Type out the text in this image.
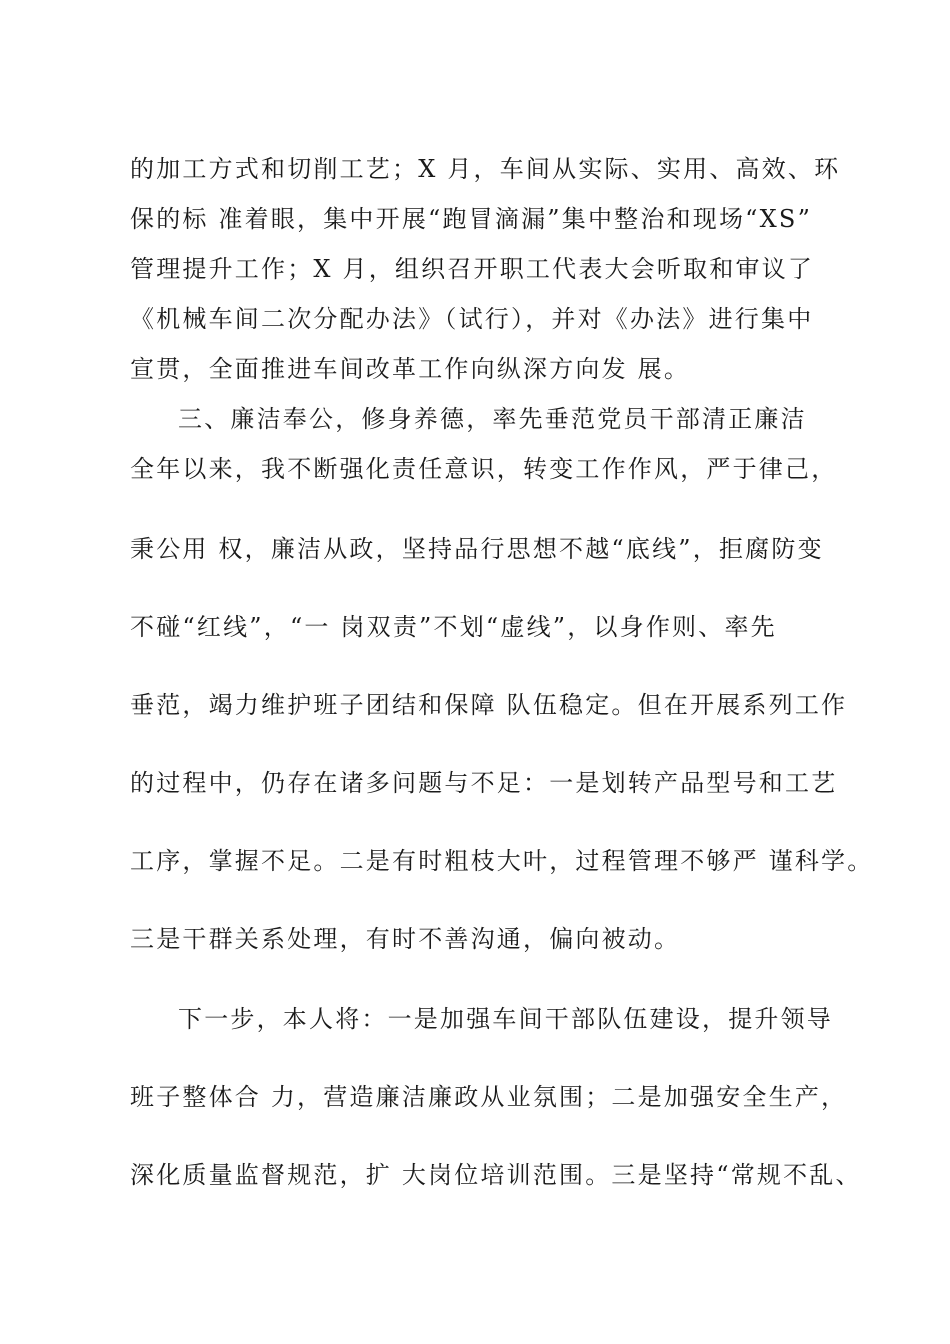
的加工方式和切削工艺；X 月，车间从实际、实用、高效、环

保的标 准着眼，集中开展“跑冒滴漏”集中整治和现场“XS”

管理提升工作；X 月，组织召开职工代表大会听取和审议了

《机械车间二次分配办法》（试行），并对《办法》进行集中

宣贯，全面推进车间改革工作向纵深方向发 展。

三、廉洁奉公，修身养德，率先垂范党员干部清正廉洁

全年以来，我不断强化责任意识，转变工作作风，严于律己，

秉公用 权，廉洁从政，坚持品行思想不越“底线”，拒腐防变

不碰“红线”，“一 岗双责”不划“虚线”，以身作则、率先

垂范，竭力维护班子团结和保障 队伍稳定。但在开展系列工作

的过程中，仍存在诸多问题与不足：一是划转产品型号和工艺

工序，掌握不足。二是有时粗枝大叶，过程管理不够严 谨科学。

三是干群关系处理，有时不善沟通，偏向被动。

下一步，本人将：一是加强车间干部队伍建设，提升领导

班子整体合 力，营造廉洁廉政从业氛围；二是加强安全生产，

深化质量监督规范，扩 大岗位培训范围。三是坚持“常规不乱、
